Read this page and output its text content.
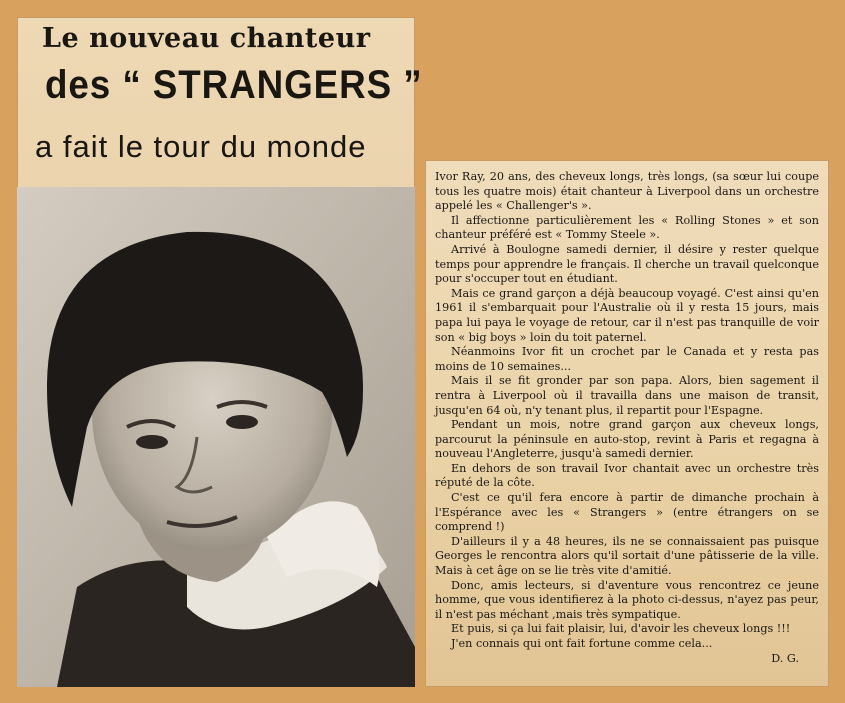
Le nouveau chanteur
des “ STRANGERS ”
a fait le tour du monde

Ivor Ray, 20 ans, des cheveux longs, très longs, (sa sœur lui coupe tous les quatre mois) était chanteur à Liverpool dans un orchestre appelé les « Challenger's ».

Il affectionne particulièrement les « Rolling Stones » et son chanteur préféré est « Tommy Steele ».

Arrivé à Boulogne samedi dernier, il désire y rester quelque temps pour apprendre le français. Il cherche un travail quelconque pour s'occuper tout en étudiant.

Mais ce grand garçon a déjà beaucoup voyagé. C'est ainsi qu'en 1961 il s'embarquait pour l'Australie où il y resta 15 jours, mais papa lui paya le voyage de retour, car il n'est pas tranquille de voir son « big boys » loin du toit paternel.

Néanmoins Ivor fit un crochet par le Canada et y resta pas moins de 10 semaines...

Mais il se fit gronder par son papa. Alors, bien sagement il rentra à Liverpool où il travailla dans une maison de transit, jusqu'en 64 où, n'y tenant plus, il repartit pour l'Espagne.

Pendant un mois, notre grand garçon aux cheveux longs, parcourut la péninsule en auto-stop, revint à Paris et regagna à nouveau l'Angleterre, jusqu'à samedi dernier.

En dehors de son travail Ivor chantait avec un orchestre très réputé de la côte.

C'est ce qu'il fera encore à partir de dimanche prochain à l'Espérance avec les « Strangers » (entre étrangers on se comprend !)

D'ailleurs il y a 48 heures, ils ne se connaissaient pas puisque Georges le rencontra alors qu'il sortait d'une pâtisserie de la ville. Mais à cet âge on se lie très vite d'amitié.

Donc, amis lecteurs, si d'aventure vous rencontrez ce jeune homme, que vous identifierez à la photo ci-dessus, n'ayez pas peur, il n'est pas méchant ,mais très sympatique.

Et puis, si ça lui fait plaisir, lui, d'avoir les cheveux longs !!!

J'en connais qui ont fait fortune comme cela...

D. G.
